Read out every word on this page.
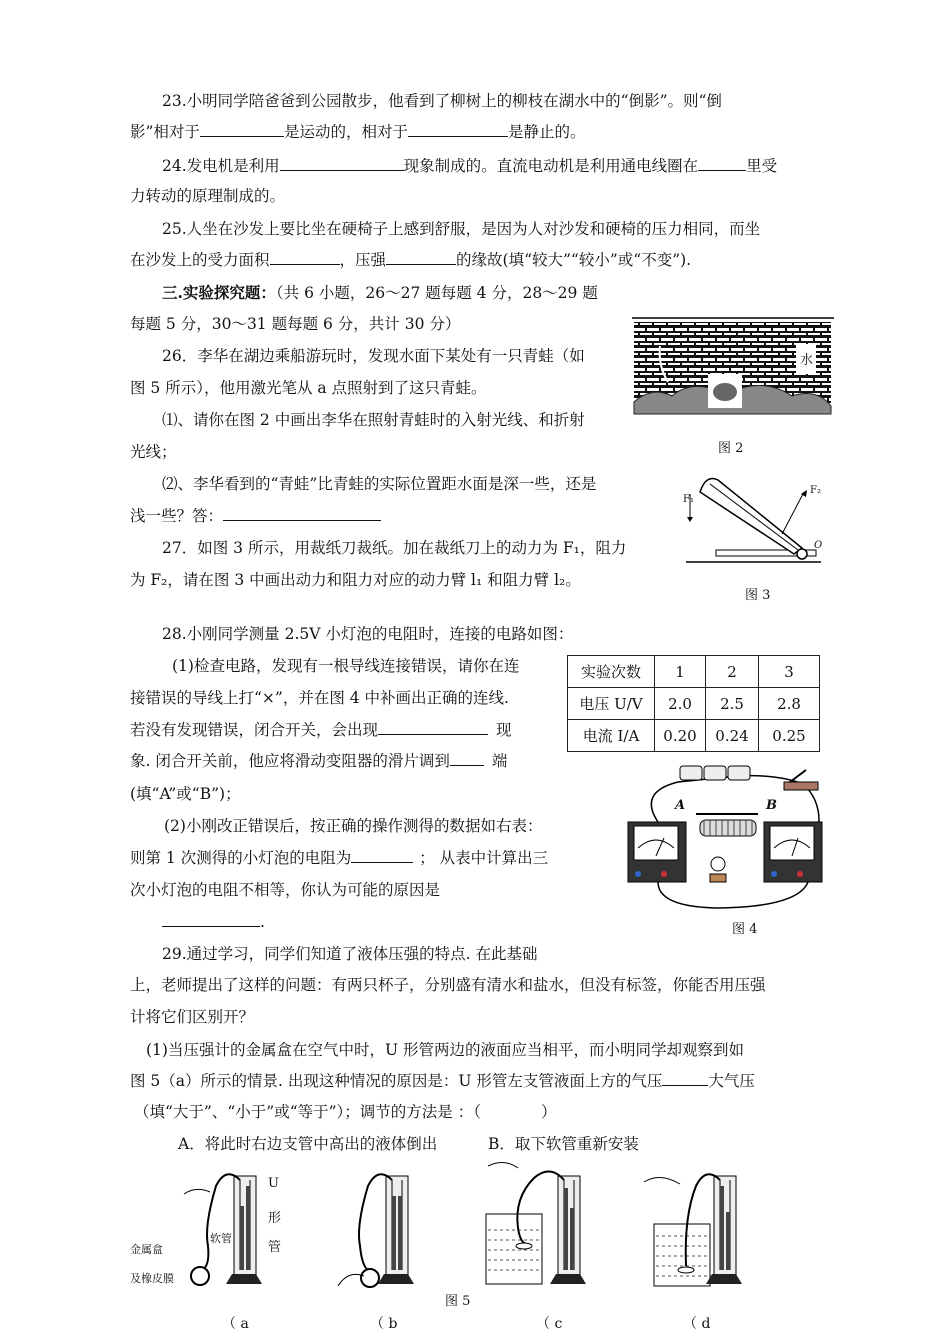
23.小明同学陪爸爸到公园散步，他看到了柳树上的柳枝在湖水中的“倒影”。则“倒
影”相对于	是运动的，相对于	是静止的。
24.发电机是利用	现象制成的。直流电动机是利用通电线圈在	里受
力转动的原理制成的。
25.人坐在沙发上要比坐在硬椅子上感到舒服，是因为人对沙发和硬椅的压力相同，而坐
在沙发上的受力面积	，压强	的缘故(填“较大”“较小”或“不变”).
三.实验探究题：（共 6 小题，26～27 题每题 4 分，28～29 题
每题 5 分，30～31 题每题 6 分，共计 30 分）
26．李华在湖边乘船游玩时，发现水面下某处有一只青蛙（如
图 5 所示），他用激光笔从 a 点照射到了这只青蛙。
⑴、请你在图 2 中画出李华在照射青蛙时的入射光线、和折射
光线；
⑵、李华看到的“青蛙”比青蛙的实际位置距水面是深一些，还是
浅一些？答：
27．如图 3 所示，用裁纸刀裁纸。加在裁纸刀上的动力为 F₁，阻力
为 F₂，请在图 3 中画出动力和阻力对应的动力臂 l₁ 和阻力臂 l₂。
水
图 2
F₁
F₂
O
图 3
28.小刚同学测量 2.5V 小灯泡的电阻时，连接的电路如图：
(1)检查电路，发现有一根导线连接错误，请你在连
接错误的导线上打“×”，并在图 4 中补画出正确的连线.
若没有发现错误，闭合开关，会出现	现
象. 闭合开关前，他应将滑动变阻器的滑片调到	端
(填“A”或“B”)；
(2)小刚改正错误后，按正确的操作测得的数据如右表：
则第 1 次测得的小灯泡的电阻为	； 从表中计算出三
次小灯泡的电阻不相等，你认为可能的原因是
.
实验次数	1	2	3
电压 U/V	2.0	2.5	2.8
电流 I/A	0.20	0.24	0.25
A	B
图 4
29.通过学习，同学们知道了液体压强的特点. 在此基础
上，老师提出了这样的问题：有两只杯子，分别盛有清水和盐水，但没有标签，你能否用压强
计将它们区别开？
(1)当压强计的金属盒在空气中时，U 形管两边的液面应当相平，而小明同学却观察到如
图 5（a）所示的情景. 出现这种情况的原因是：U 形管左支管液面上方的气压	大气压
（填“大于”、“小于”或“等于”）；调节的方法是 ：（	）
A．将此时右边支管中高出的液体倒出	B．取下软管重新安装
U
形
管
软管
金属盒
及橡皮膜
图 5
（ a	（ b	（ c	（ d
